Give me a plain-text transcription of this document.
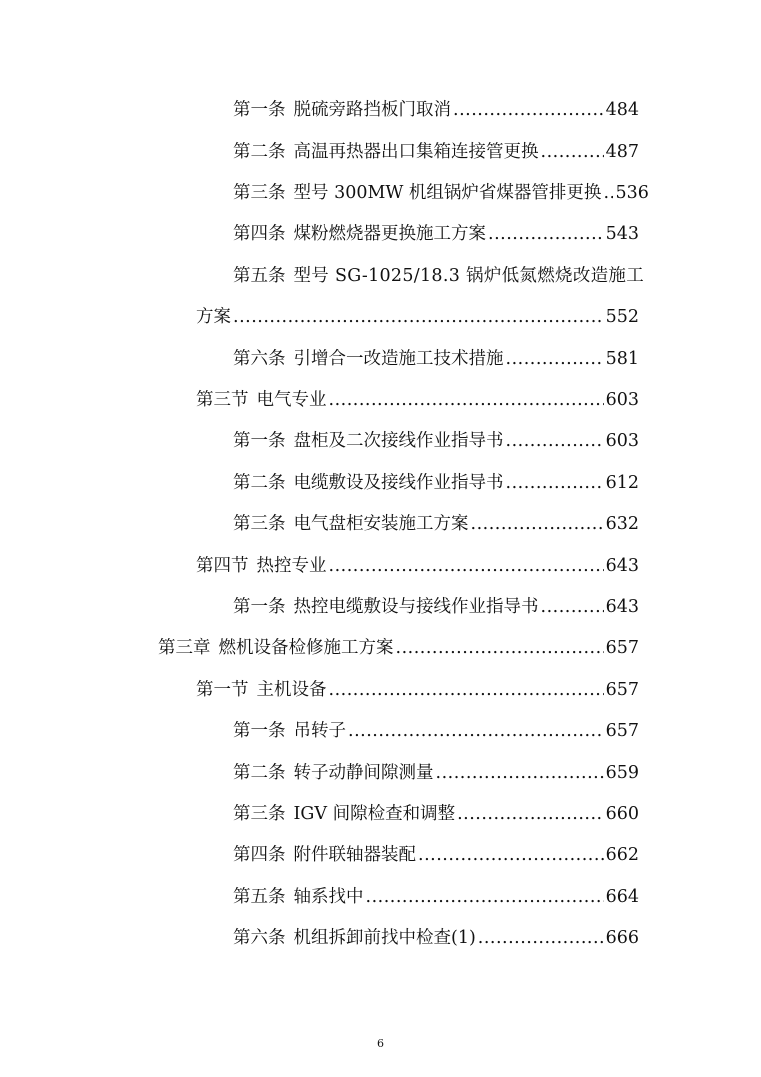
第一条 脱硫旁路挡板门取消 .....	484
第二条 高温再热器出口集箱连接管更换 .....	487
第三条 型号 300MW 机组锅炉省煤器管排更换 ..... 536
第四条 煤粉燃烧器更换施工方案 .....	543
第五条 型号 SG-1025/18.3 锅炉低氮燃烧改造施工
方案 .....	552
第六条 引增合一改造施工技术措施 .....	581
第三节 电气专业 .....	603
第一条 盘柜及二次接线作业指导书 .....	603
第二条 电缆敷设及接线作业指导书 .....	612
第三条 电气盘柜安装施工方案 .....	632
第四节 热控专业 .....	643
第一条 热控电缆敷设与接线作业指导书 .....	643
第三章 燃机设备检修施工方案 .....	657
第一节 主机设备 .....	657
第一条 吊转子 .....	657
第二条 转子动静间隙测量 .....	659
第三条 IGV 间隙检查和调整 .....	660
第四条 附件联轴器装配 .....	662
第五条 轴系找中 .....	664
第六条 机组拆卸前找中检查(1) .....	666
6
